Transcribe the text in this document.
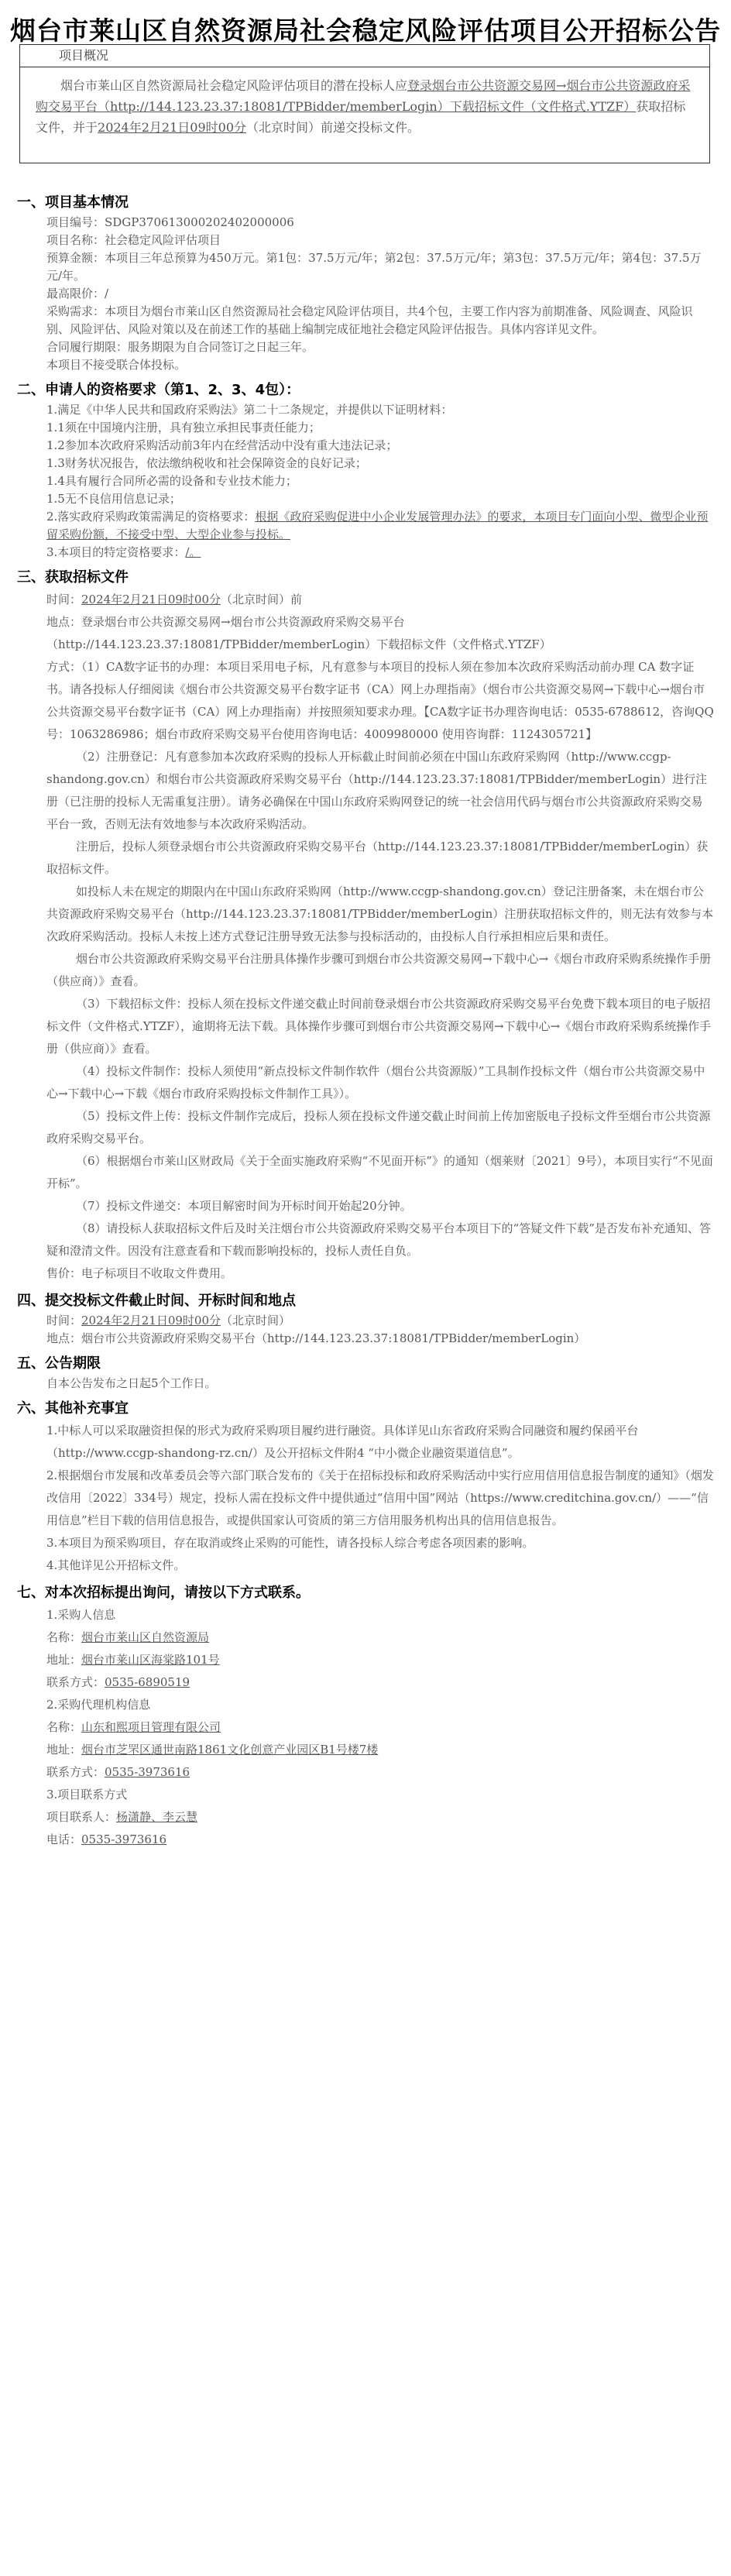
烟台市莱山区自然资源局社会稳定风险评估项目公开招标公告
项目概况
烟台市莱山区自然资源局社会稳定风险评估项目的潜在投标人应登录烟台市公共资源交易网→烟台市公共资源政府采购交易平台（http://144.123.23.37:18081/TPBidder/memberLogin）下载招标文件（文件格式.YTZF）获取招标文件，并于2024年2月21日09时00分（北京时间）前递交投标文件。
一、项目基本情况

项目编号：SDGP370613000202402000006

项目名称：社会稳定风险评估项目

预算金额：本项目三年总预算为450万元。第1包：37.5万元/年；第2包：37.5万元/年；第3包：37.5万元/年；第4包：37.5万元/年。

最高限价：/

采购需求：本项目为烟台市莱山区自然资源局社会稳定风险评估项目，共4个包，主要工作内容为前期准备、风险调查、风险识别、风险评估、风险对策以及在前述工作的基础上编制完成征地社会稳定风险评估报告。具体内容详见文件。

合同履行期限：服务期限为自合同签订之日起三年。

本项目不接受联合体投标。

二、申请人的资格要求（第1、2、3、4包）：

1.满足《中华人民共和国政府采购法》第二十二条规定，并提供以下证明材料：

1.1须在中国境内注册，具有独立承担民事责任能力；

1.2参加本次政府采购活动前3年内在经营活动中没有重大违法记录；

1.3财务状况报告，依法缴纳税收和社会保障资金的良好记录；

1.4具有履行合同所必需的设备和专业技术能力；

1.5无不良信用信息记录；

2.落实政府采购政策需满足的资格要求：根据《政府采购促进中小企业发展管理办法》的要求，本项目专门面向小型、微型企业预留采购份额，不接受中型、大型企业参与投标。

3.本项目的特定资格要求：/。

三、获取招标文件

时间：2024年2月21日09时00分（北京时间）前

地点：登录烟台市公共资源交易网→烟台市公共资源政府采购交易平台（http://144.123.23.37:18081/TPBidder/memberLogin）下载招标文件（文件格式.YTZF）

方式：（1）CA数字证书的办理：本项目采用电子标，凡有意参与本项目的投标人须在参加本次政府采购活动前办理 CA 数字证书。请各投标人仔细阅读《烟台市公共资源交易平台数字证书（CA）网上办理指南》（烟台市公共资源交易网→下载中心→烟台市公共资源交易平台数字证书（CA）网上办理指南）并按照须知要求办理。【CA数字证书办理咨询电话：0535-6788612，咨询QQ号：1063286986；烟台市政府采购交易平台使用咨询电话：4009980000 使用咨询群：1124305721】

（2）注册登记：凡有意参加本次政府采购的投标人开标截止时间前必须在中国山东政府采购网（http://www.ccgp-shandong.gov.cn）和烟台市公共资源政府采购交易平台（http://144.123.23.37:18081/TPBidder/memberLogin）进行注册（已注册的投标人无需重复注册）。请务必确保在中国山东政府采购网登记的统一社会信用代码与烟台市公共资源政府采购交易平台一致，否则无法有效地参与本次政府采购活动。

注册后，投标人须登录烟台市公共资源政府采购交易平台（http://144.123.23.37:18081/TPBidder/memberLogin）获取招标文件。

如投标人未在规定的期限内在中国山东政府采购网（http://www.ccgp-shandong.gov.cn）登记注册备案，未在烟台市公共资源政府采购交易平台（http://144.123.23.37:18081/TPBidder/memberLogin）注册获取招标文件的，则无法有效参与本次政府采购活动。投标人未按上述方式登记注册导致无法参与投标活动的，由投标人自行承担相应后果和责任。

烟台市公共资源政府采购交易平台注册具体操作步骤可到烟台市公共资源交易网→下载中心→《烟台市政府采购系统操作手册（供应商）》查看。

（3）下载招标文件：投标人须在投标文件递交截止时间前登录烟台市公共资源政府采购交易平台免费下载本项目的电子版招标文件（文件格式.YTZF），逾期将无法下载。具体操作步骤可到烟台市公共资源交易网→下载中心→《烟台市政府采购系统操作手册（供应商）》查看。

（4）投标文件制作：投标人须使用“新点投标文件制作软件（烟台公共资源版）”工具制作投标文件（烟台市公共资源交易中心→下载中心→下载《烟台市政府采购投标文件制作工具》）。

（5）投标文件上传：投标文件制作完成后，投标人须在投标文件递交截止时间前上传加密版电子投标文件至烟台市公共资源政府采购交易平台。

（6）根据烟台市莱山区财政局《关于全面实施政府采购“不见面开标”》的通知（烟莱财〔2021〕9号），本项目实行“不见面开标”。

（7）投标文件递交：本项目解密时间为开标时间开始起20分钟。

（8）请投标人获取招标文件后及时关注烟台市公共资源政府采购交易平台本项目下的“答疑文件下载”是否发布补充通知、答疑和澄清文件。因没有注意查看和下载而影响投标的，投标人责任自负。

售价：电子标项目不收取文件费用。

四、提交投标文件截止时间、开标时间和地点

时间：2024年2月21日09时00分（北京时间）

地点：烟台市公共资源政府采购交易平台（http://144.123.23.37:18081/TPBidder/memberLogin）

五、公告期限

自本公告发布之日起5个工作日。

六、其他补充事宜

1.中标人可以采取融资担保的形式为政府采购项目履约进行融资。具体详见山东省政府采购合同融资和履约保函平台（http://www.ccgp-shandong-rz.cn/）及公开招标文件附4 “中小微企业融资渠道信息”。

2.根据烟台市发展和改革委员会等六部门联合发布的《关于在招标投标和政府采购活动中实行应用信用信息报告制度的通知》（烟发改信用〔2022〕334号）规定，投标人需在投标文件中提供通过“信用中国”网站（https://www.creditchina.gov.cn/）——“信用信息”栏目下载的信用信息报告，或提供国家认可资质的第三方信用服务机构出具的信用信息报告。

3.本项目为预采购项目，存在取消或终止采购的可能性，请各投标人综合考虑各项因素的影响。

4.其他详见公开招标文件。

七、对本次招标提出询问，请按以下方式联系。

1.采购人信息

名称：烟台市莱山区自然资源局

地址：烟台市莱山区海棠路101号

联系方式：0535-6890519

2.采购代理机构信息

名称：山东和熙项目管理有限公司

地址：烟台市芝罘区通世南路1861文化创意产业园区B1号楼7楼

联系方式：0535-3973616

3.项目联系方式

项目联系人：杨潇静、李云慧

电话：0535-3973616
